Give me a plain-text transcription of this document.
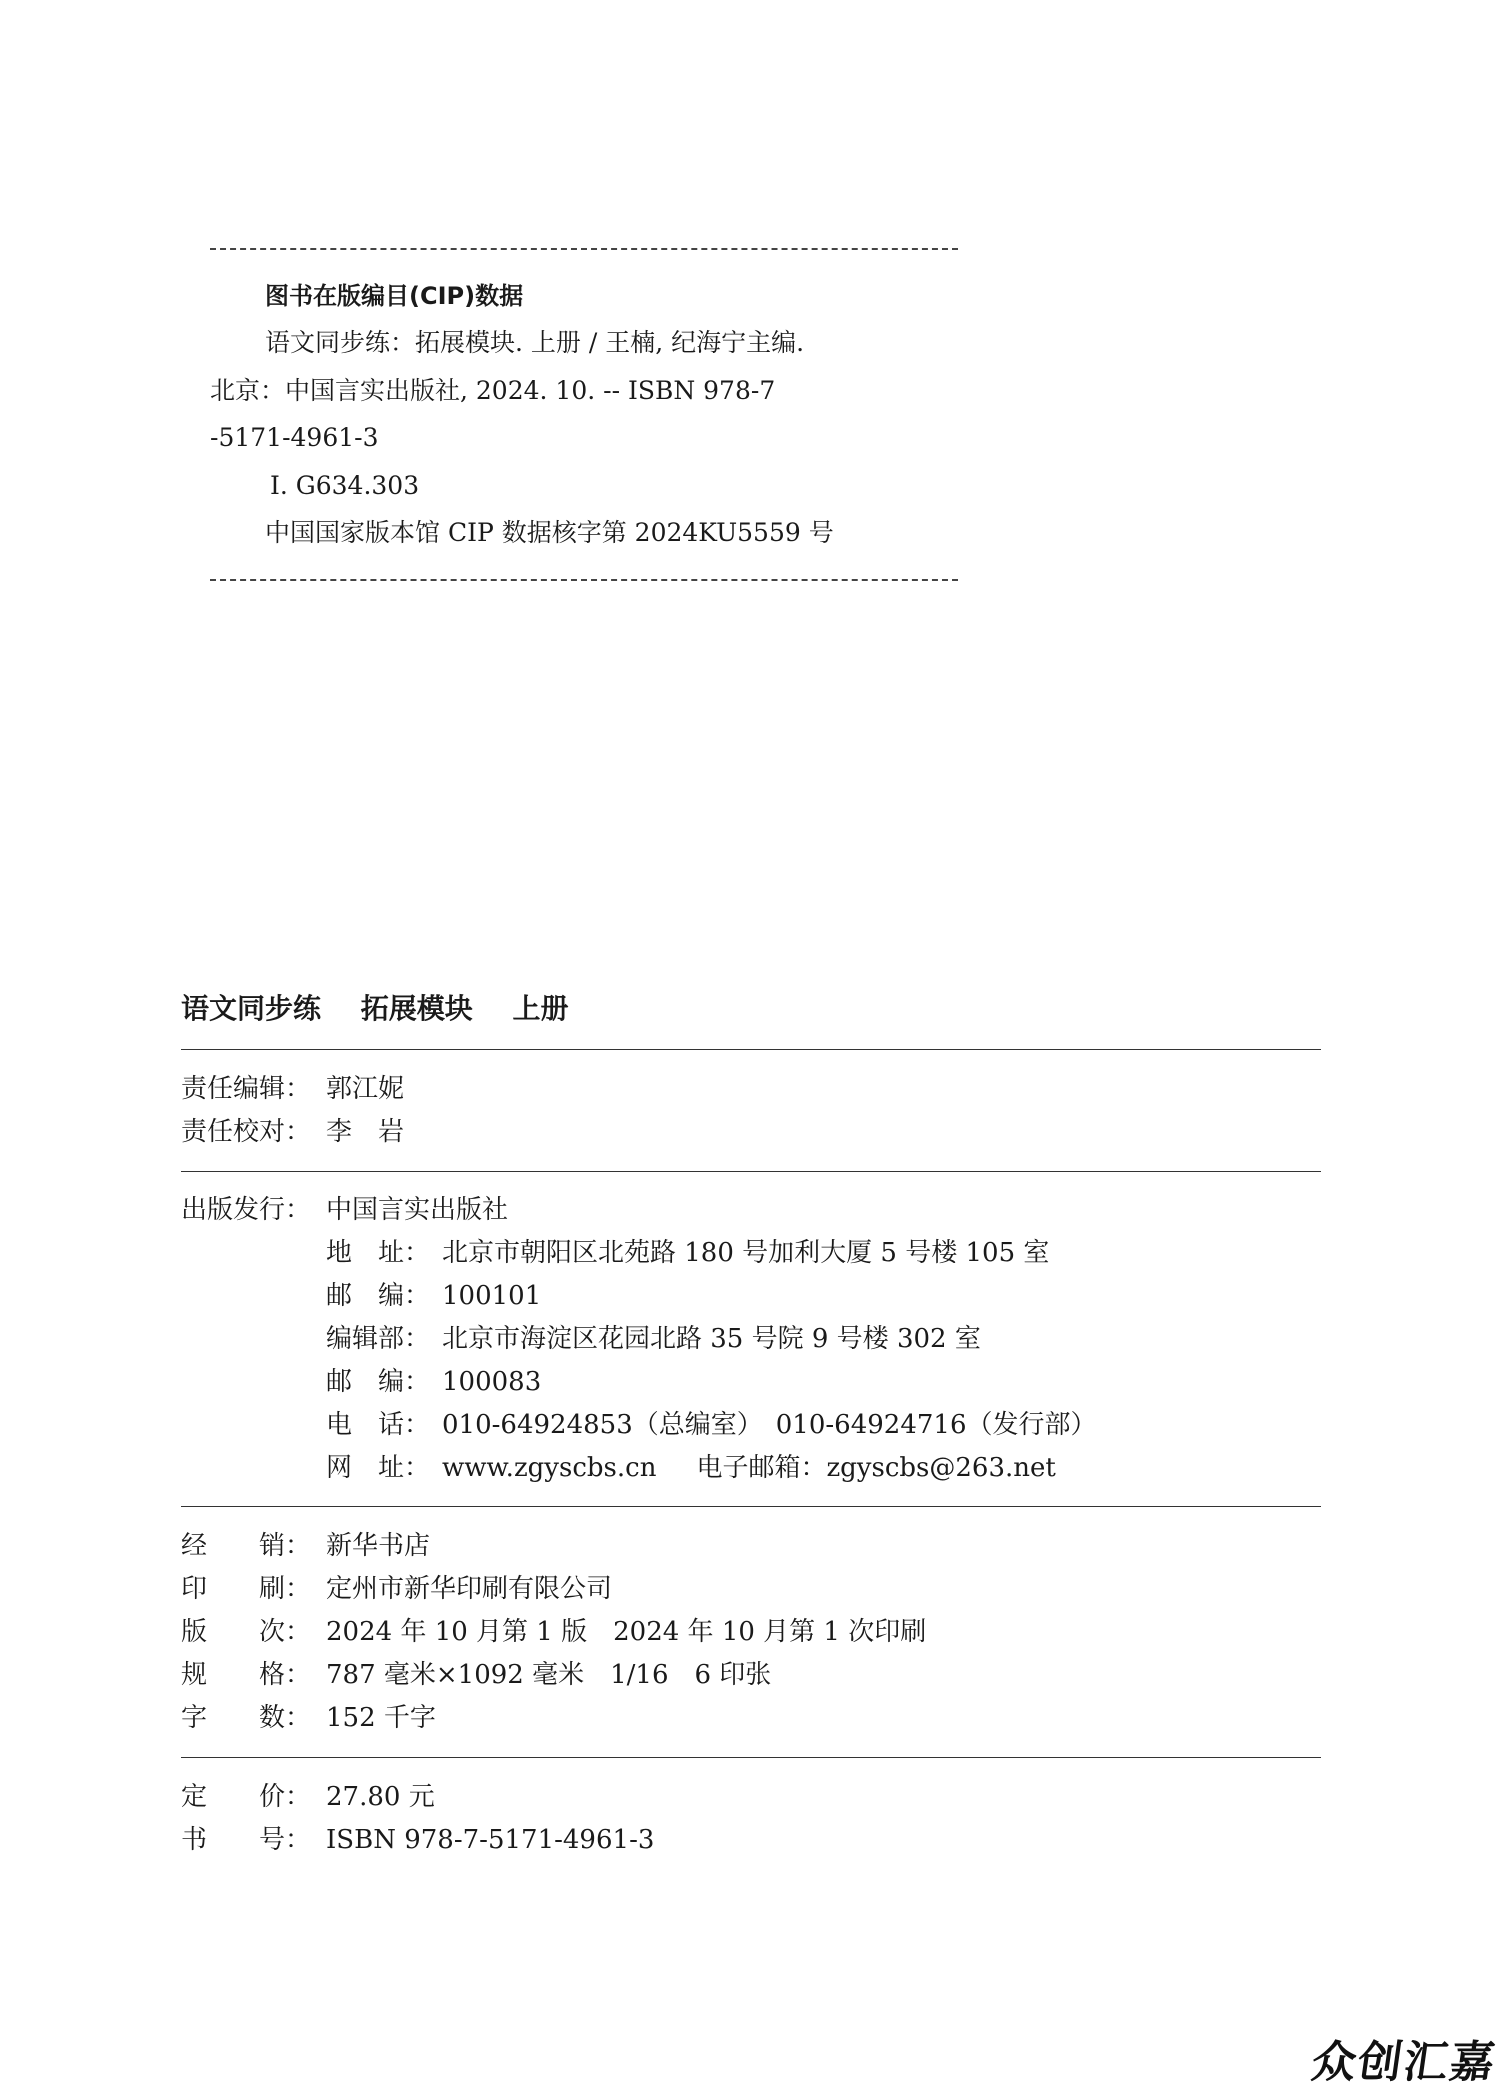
图书在版编目(CIP)数据
语文同步练：拓展模块. 上册 / 王楠, 纪海宁主编.
北京：中国言实出版社, 2024. 10. -- ISBN 978-7
-5171-4961-3
Ⅰ. G634.303
中国国家版本馆 CIP 数据核字第 2024KU5559 号
语文同步练 拓展模块 上册
责任编辑： 郭江妮
责任校对： 李　岩
出版发行： 中国言实出版社
地　址： 北京市朝阳区北苑路 180 号加利大厦 5 号楼 105 室
邮　编： 100101
编辑部： 北京市海淀区花园北路 35 号院 9 号楼 302 室
邮　编： 100083
电　话： 010-64924853（总编室）　010-64924716（发行部）
网　址： www.zgyscbs.cn 电子邮箱：zgyscbs@263.net
经　　销： 新华书店
印　　刷： 定州市新华印刷有限公司
版　　次： 2024 年 10 月第 1 版　2024 年 10 月第 1 次印刷
规　　格： 787 毫米×1092 毫米　1/16　6 印张
字　　数： 152 千字
定　　价： 27.80 元
书　　号： ISBN 978-7-5171-4961-3
众创汇嘉
